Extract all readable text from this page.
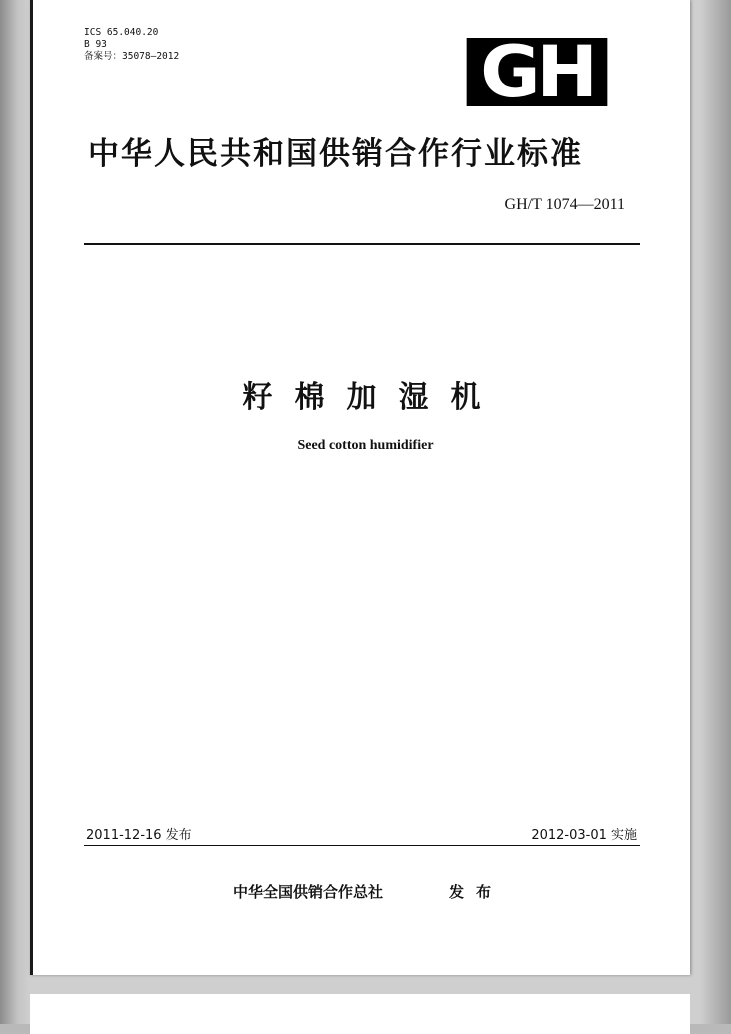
ICS 65.040.20
B 93
备案号：35078—2012	GH
中华人民共和国供销合作行业标准
GH/T 1074—2011
籽棉加湿机
Seed cotton humidifier
2011-12-16 发布	2012-03-01 实施
中华全国供销合作总社	发布
